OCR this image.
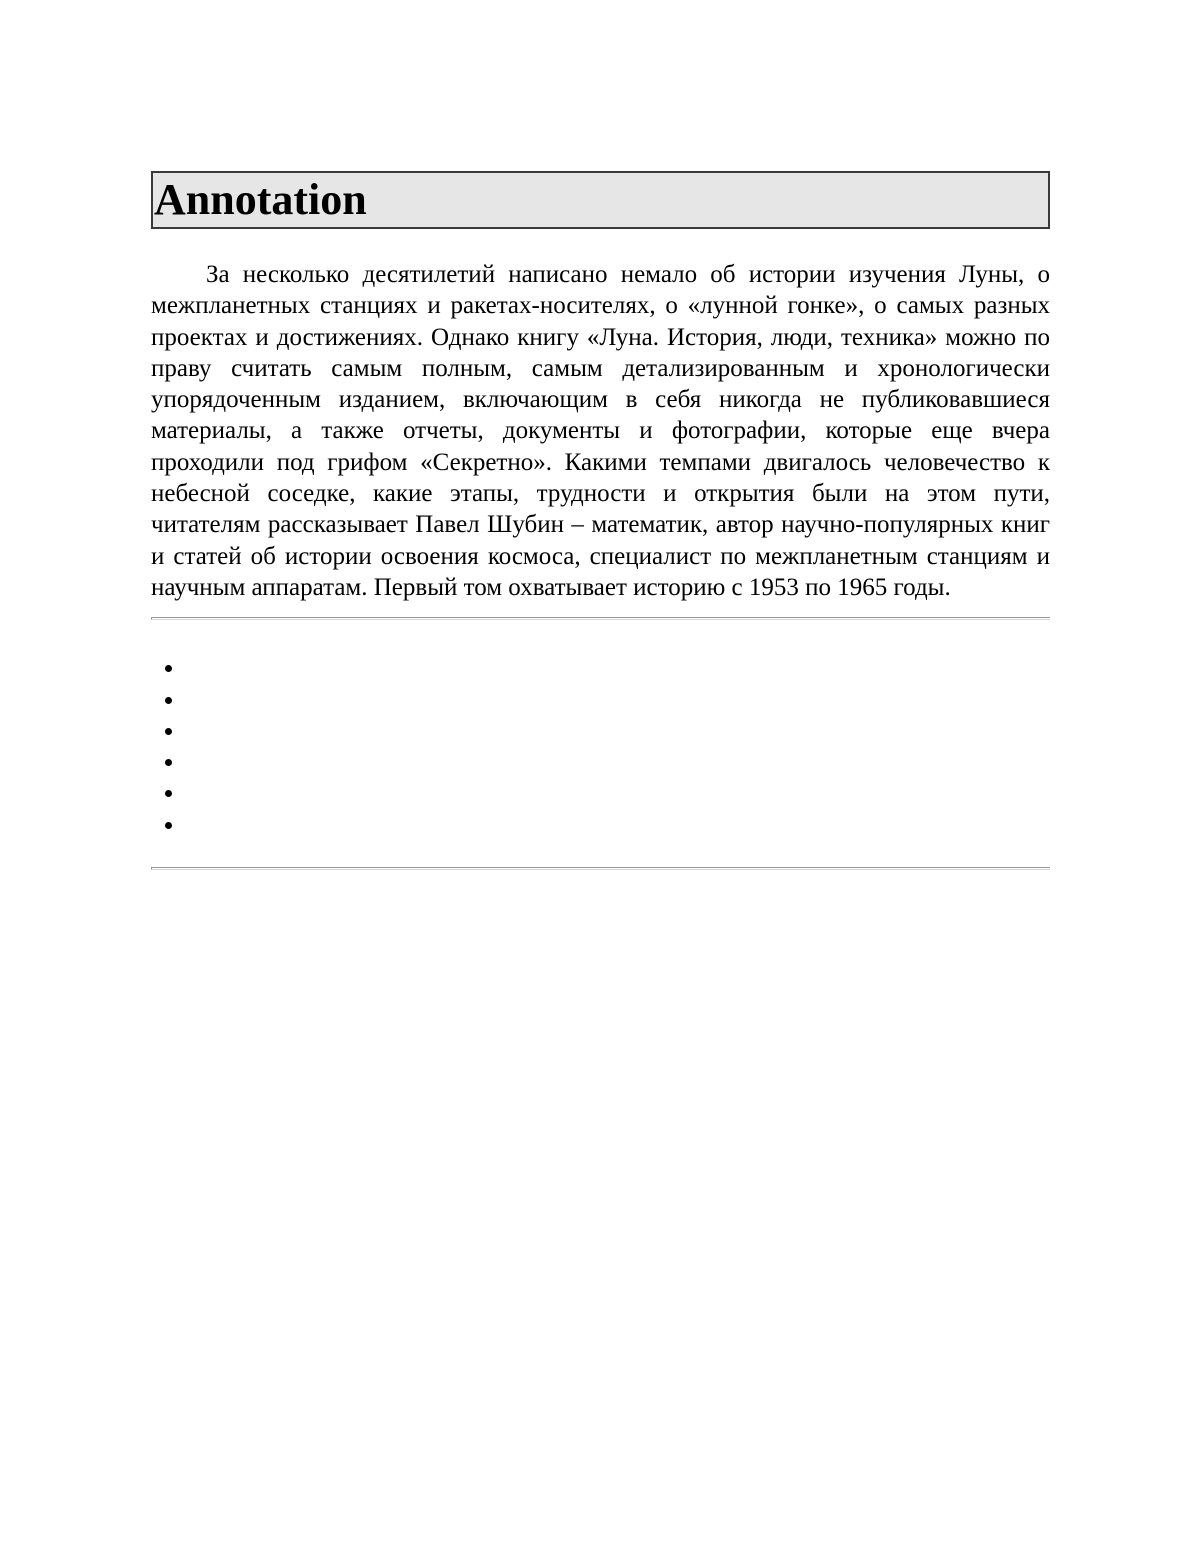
Annotation

За несколько десятилетий написано немало об истории изучения Луны, о межпланетных станциях и ракетах-носителях, о «лунной гонке», о самых разных проектах и достижениях. Однако книгу «Луна. История, люди, техника» можно по праву считать самым полным, самым детализированным и хронологически упорядоченным изданием, включающим в себя никогда не публиковавшиеся материалы, а также отчеты, документы и фотографии, которые еще вчера проходили под грифом «Секретно». Какими темпами двигалось человечество к небесной соседке, какие этапы, трудности и открытия были на этом пути, читателям рассказывает Павел Шубин – математик, автор научно-популярных книг и статей об истории освоения космоса, специалист по межпланетным станциям и научным аппаратам. Первый том охватывает историю с 1953 по 1965 годы.

•
•
•
•
•
•
